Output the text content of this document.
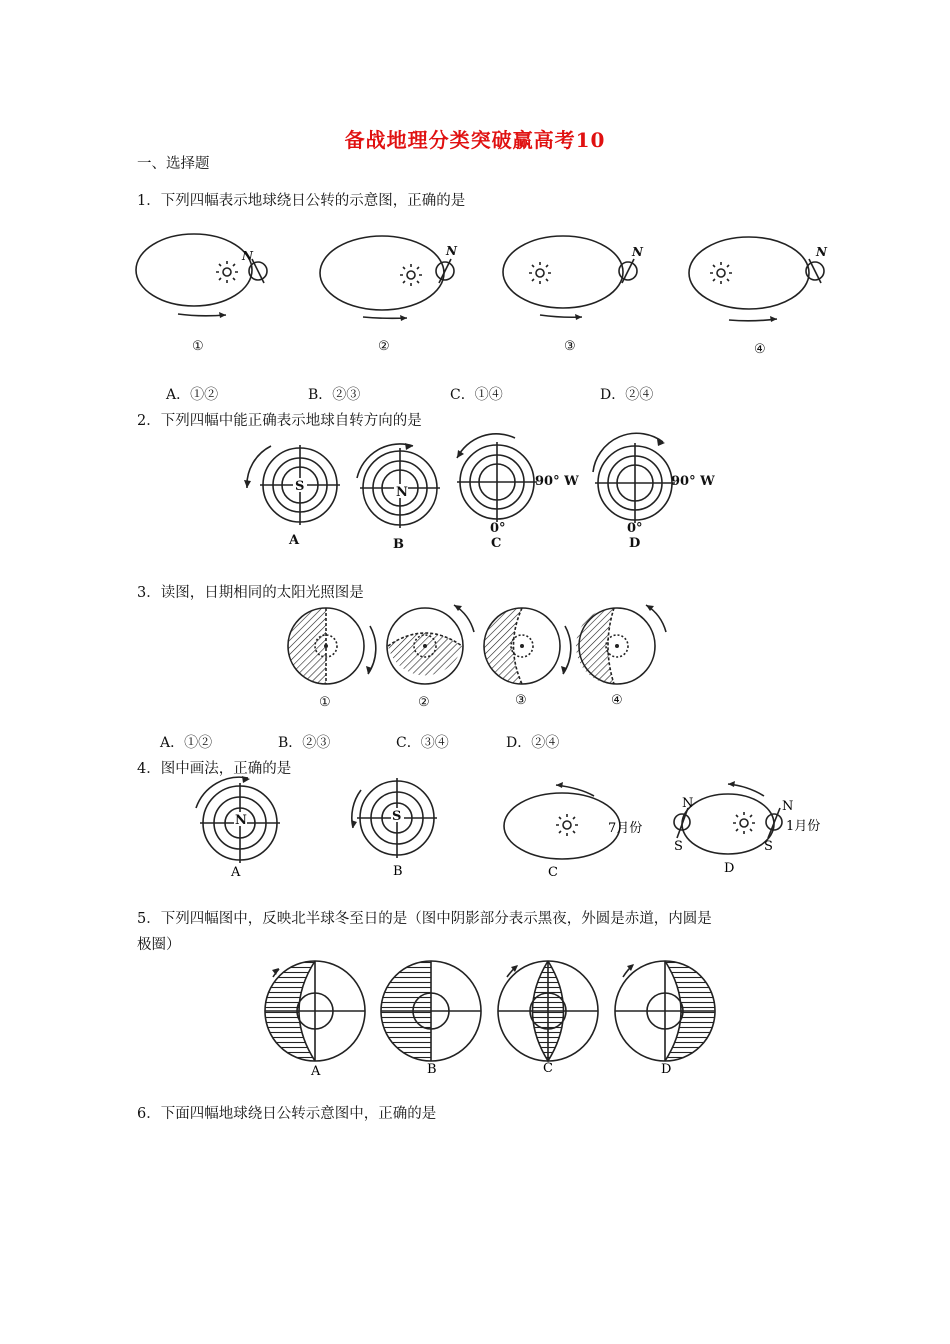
备战地理分类突破赢高考10
一、选择题
1．下列四幅表示地球绕日公转的示意图，正确的是
N
①
N
②
N
③
N
④
A．①②	B．②③	C．①④	D．②④
2．下列四幅中能正确表示地球自转方向的是
S
A
N
B
90° W
0°
C
90° W
0°
D
3．读图，日期相同的太阳光照图是
①	②	③	④
A．①②	B．②③	C．③④	D．②④
4．图中画法，正确的是
N
A
S
B
7月份
C
N
S
N
S
1月份
D
5．下列四幅图中，反映北半球冬至日的是（图中阴影部分表示黑夜，外圆是赤道，内圆是
极圈）
A	B	C	D
6．下面四幅地球绕日公转示意图中，正确的是
